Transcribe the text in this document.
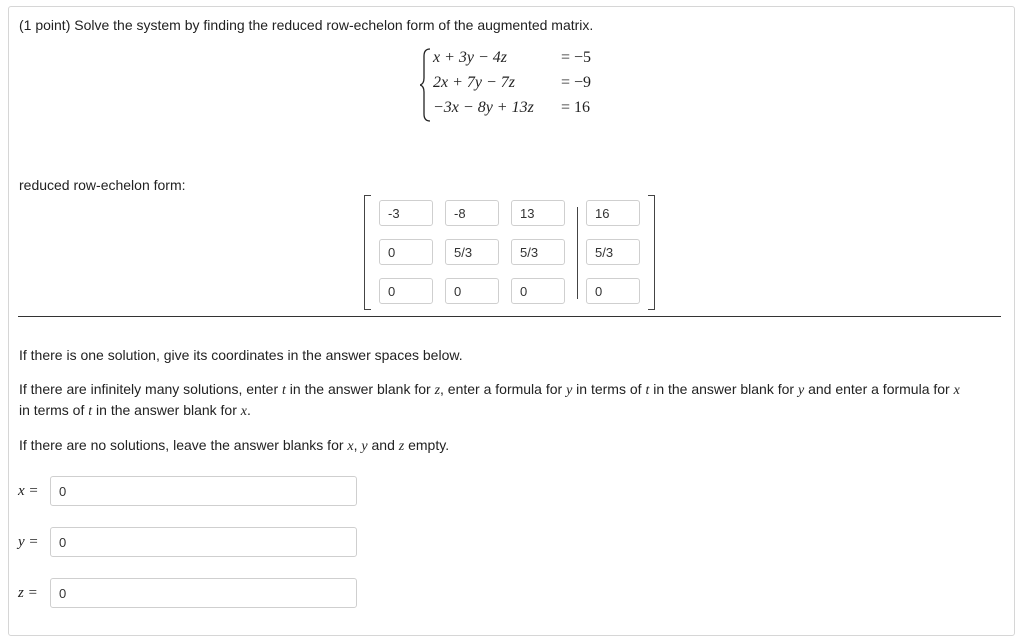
(1 point) Solve the system by finding the reduced row-echelon form of the augmented matrix.
x + 3y − 4z	= −5
2x + 7y − 7z	= −9
−3x − 8y + 13z = 16
reduced row-echelon form:
-3
-8
13
16
0
5/3
5/3
5/3
0
0
0
0
If there is one solution, give its coordinates in the answer spaces below.
If there are infinitely many solutions, enter t in the answer blank for z, enter a formula for y in terms of t in the answer blank for y and enter a formula for x
in terms of t in the answer blank for x.
If there are no solutions, leave the answer blanks for x, y and z empty.
x =
0
y =
0
z =
0
